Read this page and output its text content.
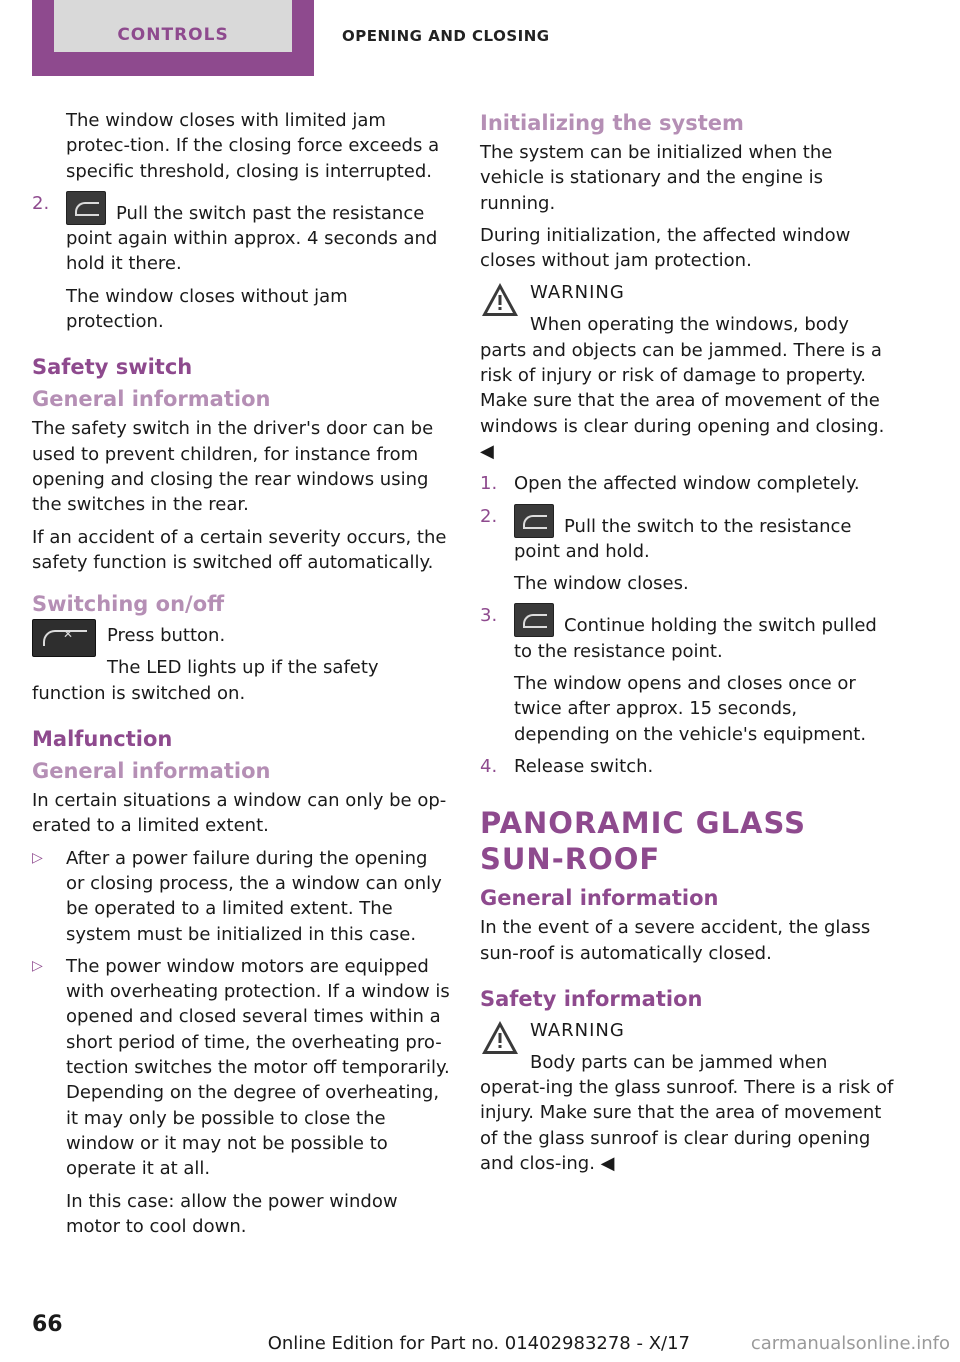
CONTROLS	OPENING AND CLOSING

The window closes with limited jam protec-tion. If the closing force exceeds a specific threshold, closing is interrupted.

2.	Pull the switch past the resistance point again within approx. 4 seconds and hold it there.

The window closes without jam protection.

Safety switch
General information

The safety switch in the driver's door can be used to prevent children, for instance from opening and closing the rear windows using the switches in the rear.

If an accident of a certain severity occurs, the safety function is switched off automatically.

Switching on/off
✕

Press button.

The LED lights up if the safety function is switched on.

Malfunction
General information

In certain situations a window can only be op-erated to a limited extent.

▷	After a power failure during the opening or closing process, the a window can only be operated to a limited extent. The system must be initialized in this case.
▷	The power window motors are equipped with overheating protection. If a window is opened and closed several times within a short period of time, the overheating pro-tection switches the motor off temporarily. Depending on the degree of overheating, it may only be possible to close the window or it may not be possible to operate it at all.

In this case: allow the power window motor to cool down.

Initializing the system

The system can be initialized when the vehicle is stationary and the engine is running.

During initialization, the affected window closes without jam protection.

WARNING

When operating the windows, body parts and objects can be jammed. There is a risk of injury or risk of damage to property. Make sure that the area of movement of the windows is clear during opening and closing. ◀

1. Open the affected window completely.
2.	Pull the switch to the resistance point and hold.

The window closes.

3.	Continue holding the switch pulled to the resistance point.

The window opens and closes once or twice after approx. 15 seconds, depending on the vehicle's equipment.

4. Release switch.
PANORAMIC GLASS SUN-ROOF
General information

In the event of a severe accident, the glass sun-roof is automatically closed.

Safety information
WARNING

Body parts can be jammed when operat-ing the glass sunroof. There is a risk of injury. Make sure that the area of movement of the glass sunroof is clear during opening and clos-ing. ◀

66
Online Edition for Part no. 01402983278 - X/17	carmanualsonline.info
